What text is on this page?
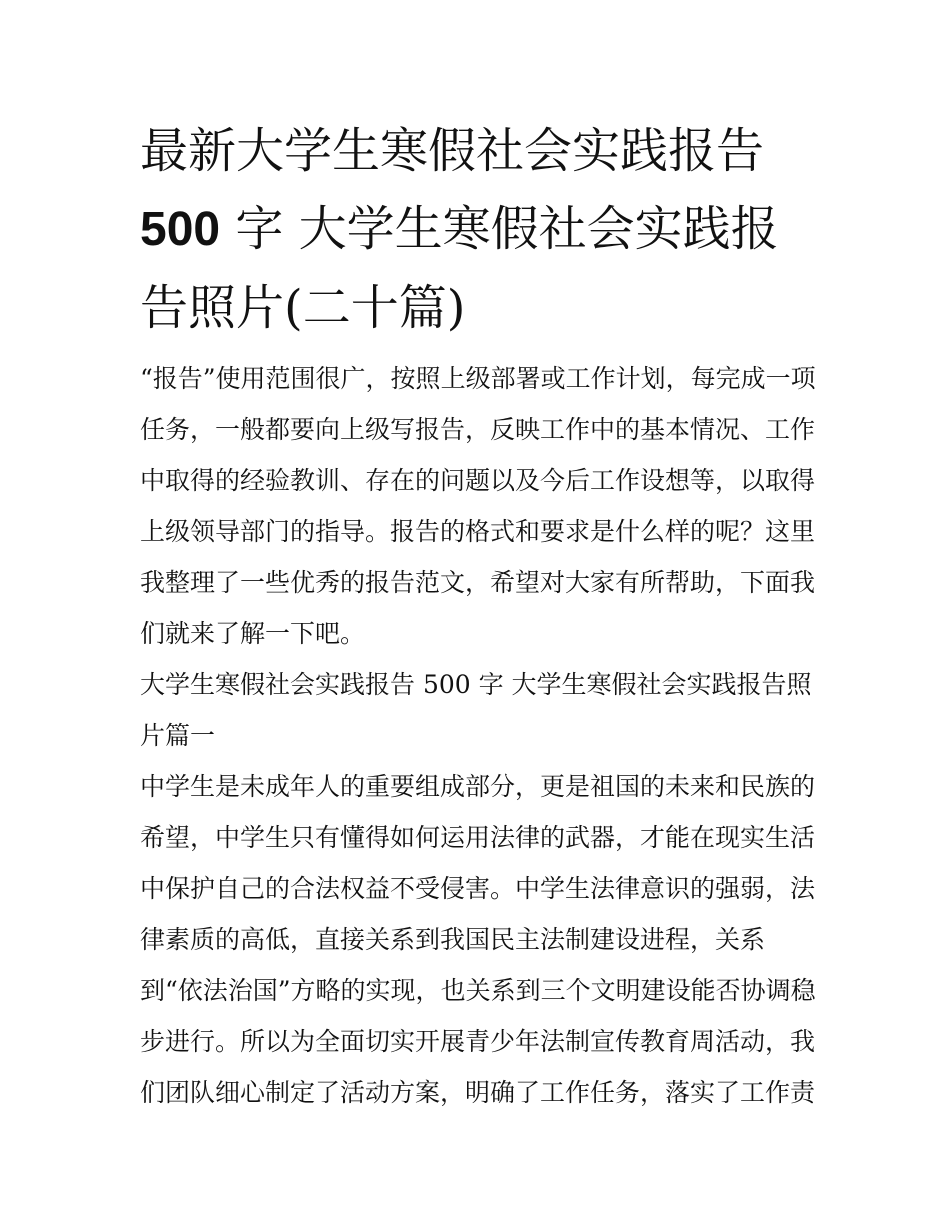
最新大学生寒假社会实践报告
500 字 大学生寒假社会实践报
告照片(二十篇)
“报告”使用范围很广，按照上级部署或工作计划，每完成一项
任务，一般都要向上级写报告，反映工作中的基本情况、工作
中取得的经验教训、存在的问题以及今后工作设想等，以取得
上级领导部门的指导。报告的格式和要求是什么样的呢？这里
我整理了一些优秀的报告范文，希望对大家有所帮助，下面我
们就来了解一下吧。
大学生寒假社会实践报告 500 字 大学生寒假社会实践报告照
片篇一
中学生是未成年人的重要组成部分，更是祖国的未来和民族的
希望，中学生只有懂得如何运用法律的武器，才能在现实生活
中保护自己的合法权益不受侵害。中学生法律意识的强弱，法
律素质的高低，直接关系到我国民主法制建设进程，关系
到“依法治国”方略的实现，也关系到三个文明建设能否协调稳
步进行。所以为全面切实开展青少年法制宣传教育周活动，我
们团队细心制定了活动方案，明确了工作任务，落实了工作责
